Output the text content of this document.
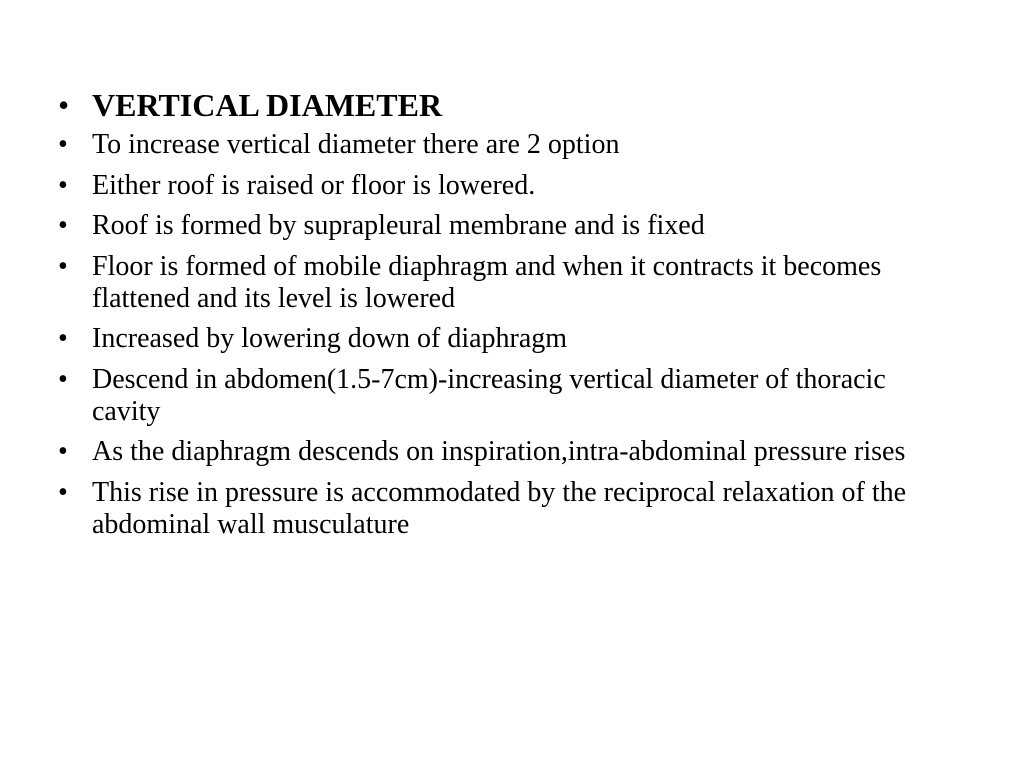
• VERTICAL DIAMETER
• To increase vertical diameter there are 2 option
• Either roof is raised or floor is lowered.
• Roof is formed by suprapleural membrane and is fixed
• Floor is formed of mobile diaphragm and when it contracts it becomes flattened and its level is lowered
• Increased by lowering down of diaphragm
• Descend in abdomen(1.5-7cm)-increasing vertical diameter of thoracic cavity
• As the diaphragm descends on inspiration,intra-abdominal pressure rises
• This rise in pressure is accommodated by the reciprocal relaxation of the abdominal wall musculature
